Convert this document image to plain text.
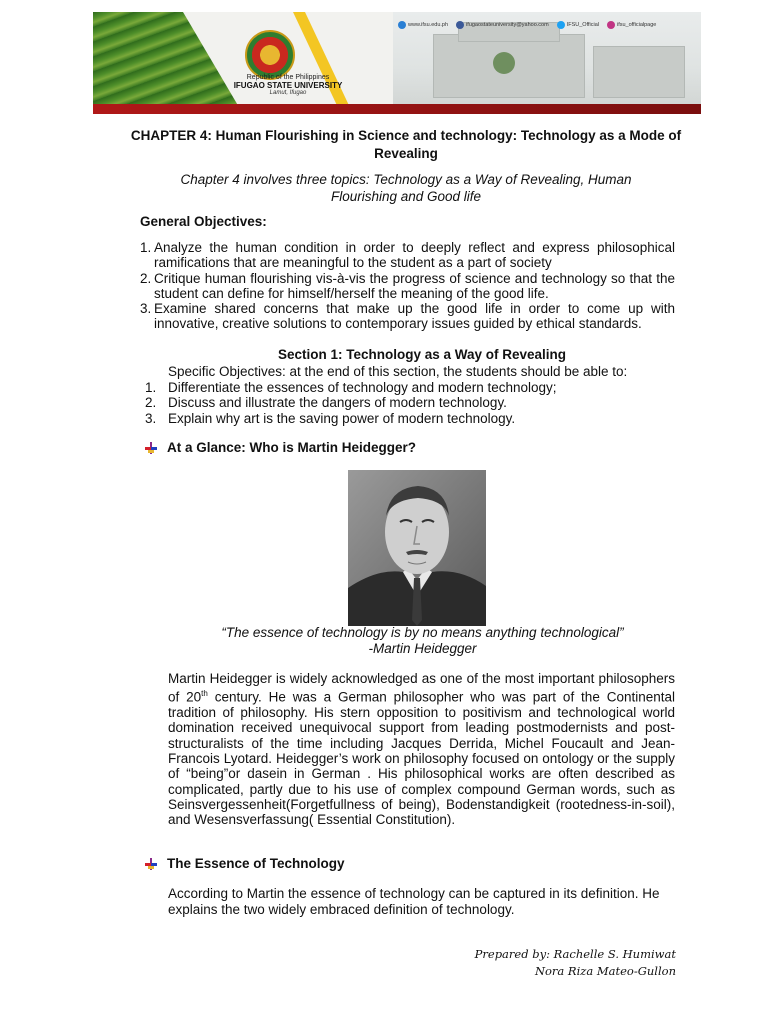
Republic of the Philippines
IFUGAO STATE UNIVERSITY
Lamut, Ifugao
www.ifsu.edu.ph	ifugaostateuniversity@yahoo.com	IFSU_Official	ifsu_officialpage
CHAPTER 4: Human Flourishing in Science and technology: Technology as a Mode of Revealing
Chapter 4 involves three topics: Technology as a Way of Revealing, Human Flourishing and Good life
General Objectives:
1. Analyze the human condition in order to deeply reflect and express philosophical ramifications that are meaningful to the student as a part of society
2. Critique human flourishing vis-à-vis the progress of science and technology so that the student can define for himself/herself the meaning of the good life.
3. Examine shared concerns that make up the good life in order to come up with innovative, creative solutions to contemporary issues guided by ethical standards.
Section 1: Technology as a Way of Revealing
Specific Objectives: at the end of this section, the students should be able to:
1. Differentiate the essences of technology and modern technology;
2. Discuss and illustrate the dangers of modern technology.
3. Explain why art is the saving power of modern technology.
At a Glance: Who is Martin Heidegger?
“The essence of technology is by no means anything technological”
-Martin Heidegger
Martin Heidegger is widely acknowledged as one of the most important philosophers of 20th century. He was a German philosopher who was part of the Continental tradition of philosophy. His stern opposition to positivism and technological world domination received unequivocal support from leading postmodernists and post-structuralists of the time including Jacques Derrida, Michel Foucault and Jean-Francois Lyotard. Heidegger’s work on philosophy focused on ontology or the supply of “being”or dasein in German . His philosophical works are often described as complicated, partly due to his use of complex compound German words, such as Seinsvergessenheit(Forgetfullness of being), Bodenstandigkeit (rootedness-in-soil), and Wesensverfassung( Essential Constitution).
The Essence of Technology
According to Martin the essence of technology can be captured in its definition. He explains the two widely embraced definition of technology.
Prepared by: Rachelle S. Humiwat
Nora Riza Mateo-Gullon
